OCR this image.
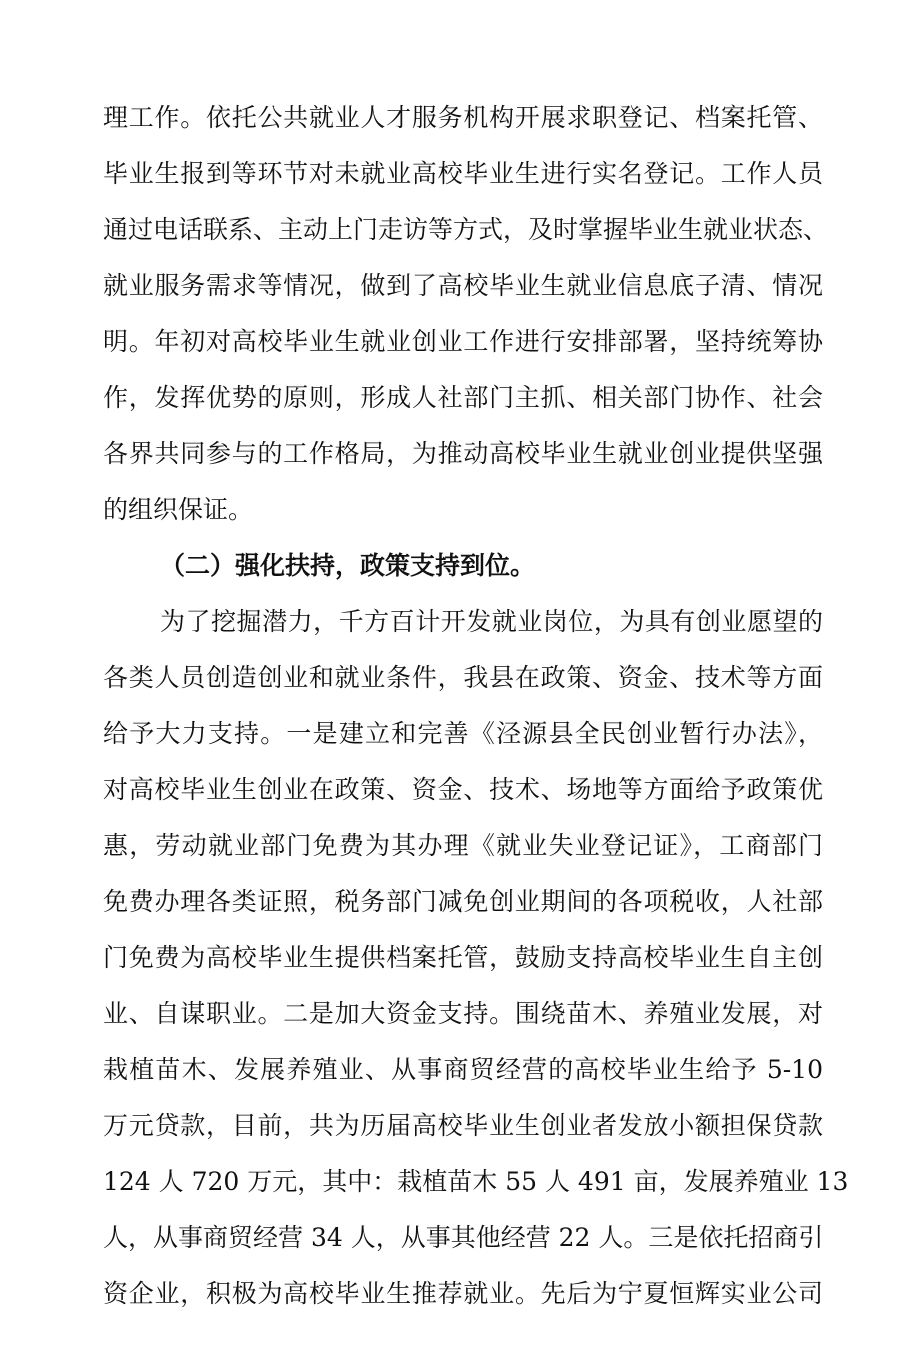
理工作。依托公共就业人才服务机构开展求职登记、档案托管、
毕业生报到等环节对未就业高校毕业生进行实名登记。工作人员
通过电话联系、主动上门走访等方式，及时掌握毕业生就业状态、
就业服务需求等情况，做到了高校毕业生就业信息底子清、情况
明。年初对高校毕业生就业创业工作进行安排部署，坚持统筹协
作，发挥优势的原则，形成人社部门主抓、相关部门协作、社会
各界共同参与的工作格局，为推动高校毕业生就业创业提供坚强
的组织保证。
（二）强化扶持，政策支持到位。
为了挖掘潜力，千方百计开发就业岗位，为具有创业愿望的
各类人员创造创业和就业条件，我县在政策、资金、技术等方面
给予大力支持。一是建立和完善《泾源县全民创业暂行办法》，
对高校毕业生创业在政策、资金、技术、场地等方面给予政策优
惠，劳动就业部门免费为其办理《就业失业登记证》，工商部门
免费办理各类证照，税务部门减免创业期间的各项税收，人社部
门免费为高校毕业生提供档案托管，鼓励支持高校毕业生自主创
业、自谋职业。二是加大资金支持。围绕苗木、养殖业发展，对
栽植苗木、发展养殖业、从事商贸经营的高校毕业生给予 5-10
万元贷款，目前，共为历届高校毕业生创业者发放小额担保贷款
124 人 720 万元，其中：栽植苗木 55 人 491 亩，发展养殖业 13
人，从事商贸经营 34 人，从事其他经营 22 人。三是依托招商引
资企业，积极为高校毕业生推荐就业。先后为宁夏恒辉实业公司
